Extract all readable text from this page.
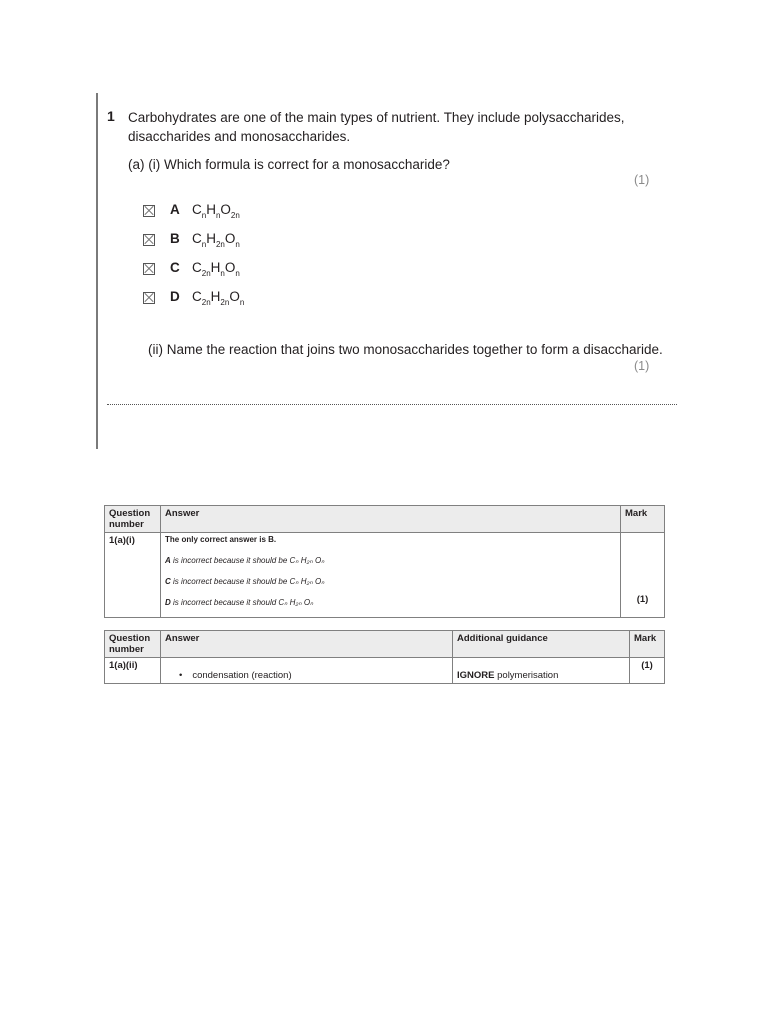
1 Carbohydrates are one of the main types of nutrient. They include polysaccharides, disaccharides and monosaccharides.
(a) (i) Which formula is correct for a monosaccharide?
(1)
A $C_nH_nO_{2n}$
B $C_nH_{2n}O_n$
C $C_{2n}H_nO_n$
D $C_{2n}H_{2n}O_n$
(ii) Name the reaction that joins two monosaccharides together to form a disaccharide.
(1)
Question number	Answer	Mark
1(a)(i)	The only correct answer is B.
A is incorrect because it should be Cₙ H₂ₙ Oₙ
C is incorrect because it should be Cₙ H₂ₙ Oₙ
D is incorrect because it should Cₙ H₂ₙ Oₙ	(1)
Question number	Answer	Additional guidance	Mark
1(a)(ii)	• condensation (reaction)	IGNORE polymerisation	(1)
